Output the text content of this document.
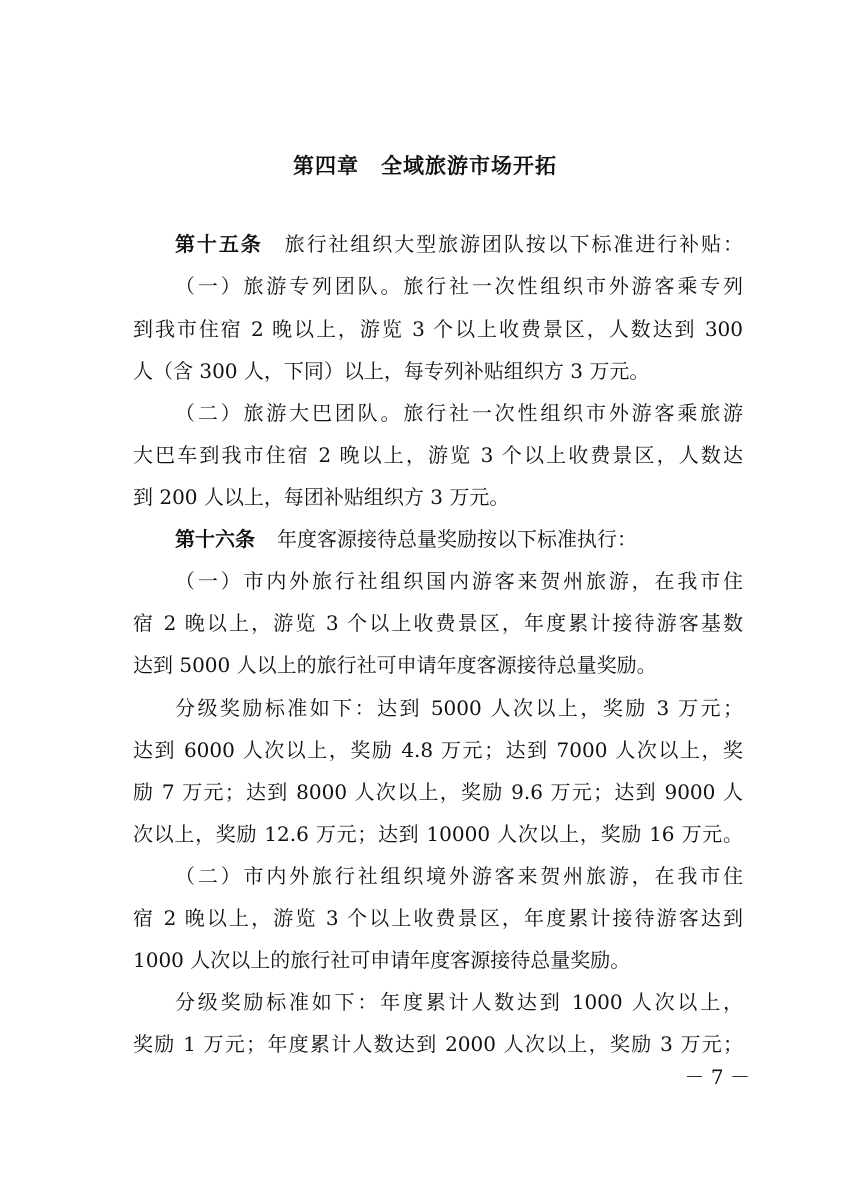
第四章　全域旅游市场开拓
第十五条 旅行社组织大型旅游团队按以下标准进行补贴：
（一）旅游专列团队。旅行社一次性组织市外游客乘专列
到我市住宿 2 晚以上，游览 3 个以上收费景区，人数达到 300
人（含 300 人，下同）以上，每专列补贴组织方 3 万元。
（二）旅游大巴团队。旅行社一次性组织市外游客乘旅游
大巴车到我市住宿 2 晚以上，游览 3 个以上收费景区，人数达
到 200 人以上，每团补贴组织方 3 万元。
第十六条 年度客源接待总量奖励按以下标准执行：
（一）市内外旅行社组织国内游客来贺州旅游，在我市住
宿 2 晚以上，游览 3 个以上收费景区，年度累计接待游客基数
达到 5000 人以上的旅行社可申请年度客源接待总量奖励。
分级奖励标准如下：达到 5000 人次以上，奖励 3 万元；
达到 6000 人次以上，奖励 4.8 万元；达到 7000 人次以上，奖
励 7 万元；达到 8000 人次以上，奖励 9.6 万元；达到 9000 人
次以上，奖励 12.6 万元；达到 10000 人次以上，奖励 16 万元。
（二）市内外旅行社组织境外游客来贺州旅游，在我市住
宿 2 晚以上，游览 3 个以上收费景区，年度累计接待游客达到
1000 人次以上的旅行社可申请年度客源接待总量奖励。
分级奖励标准如下：年度累计人数达到 1000 人次以上，
奖励 1 万元；年度累计人数达到 2000 人次以上，奖励 3 万元；
－ 7 －
